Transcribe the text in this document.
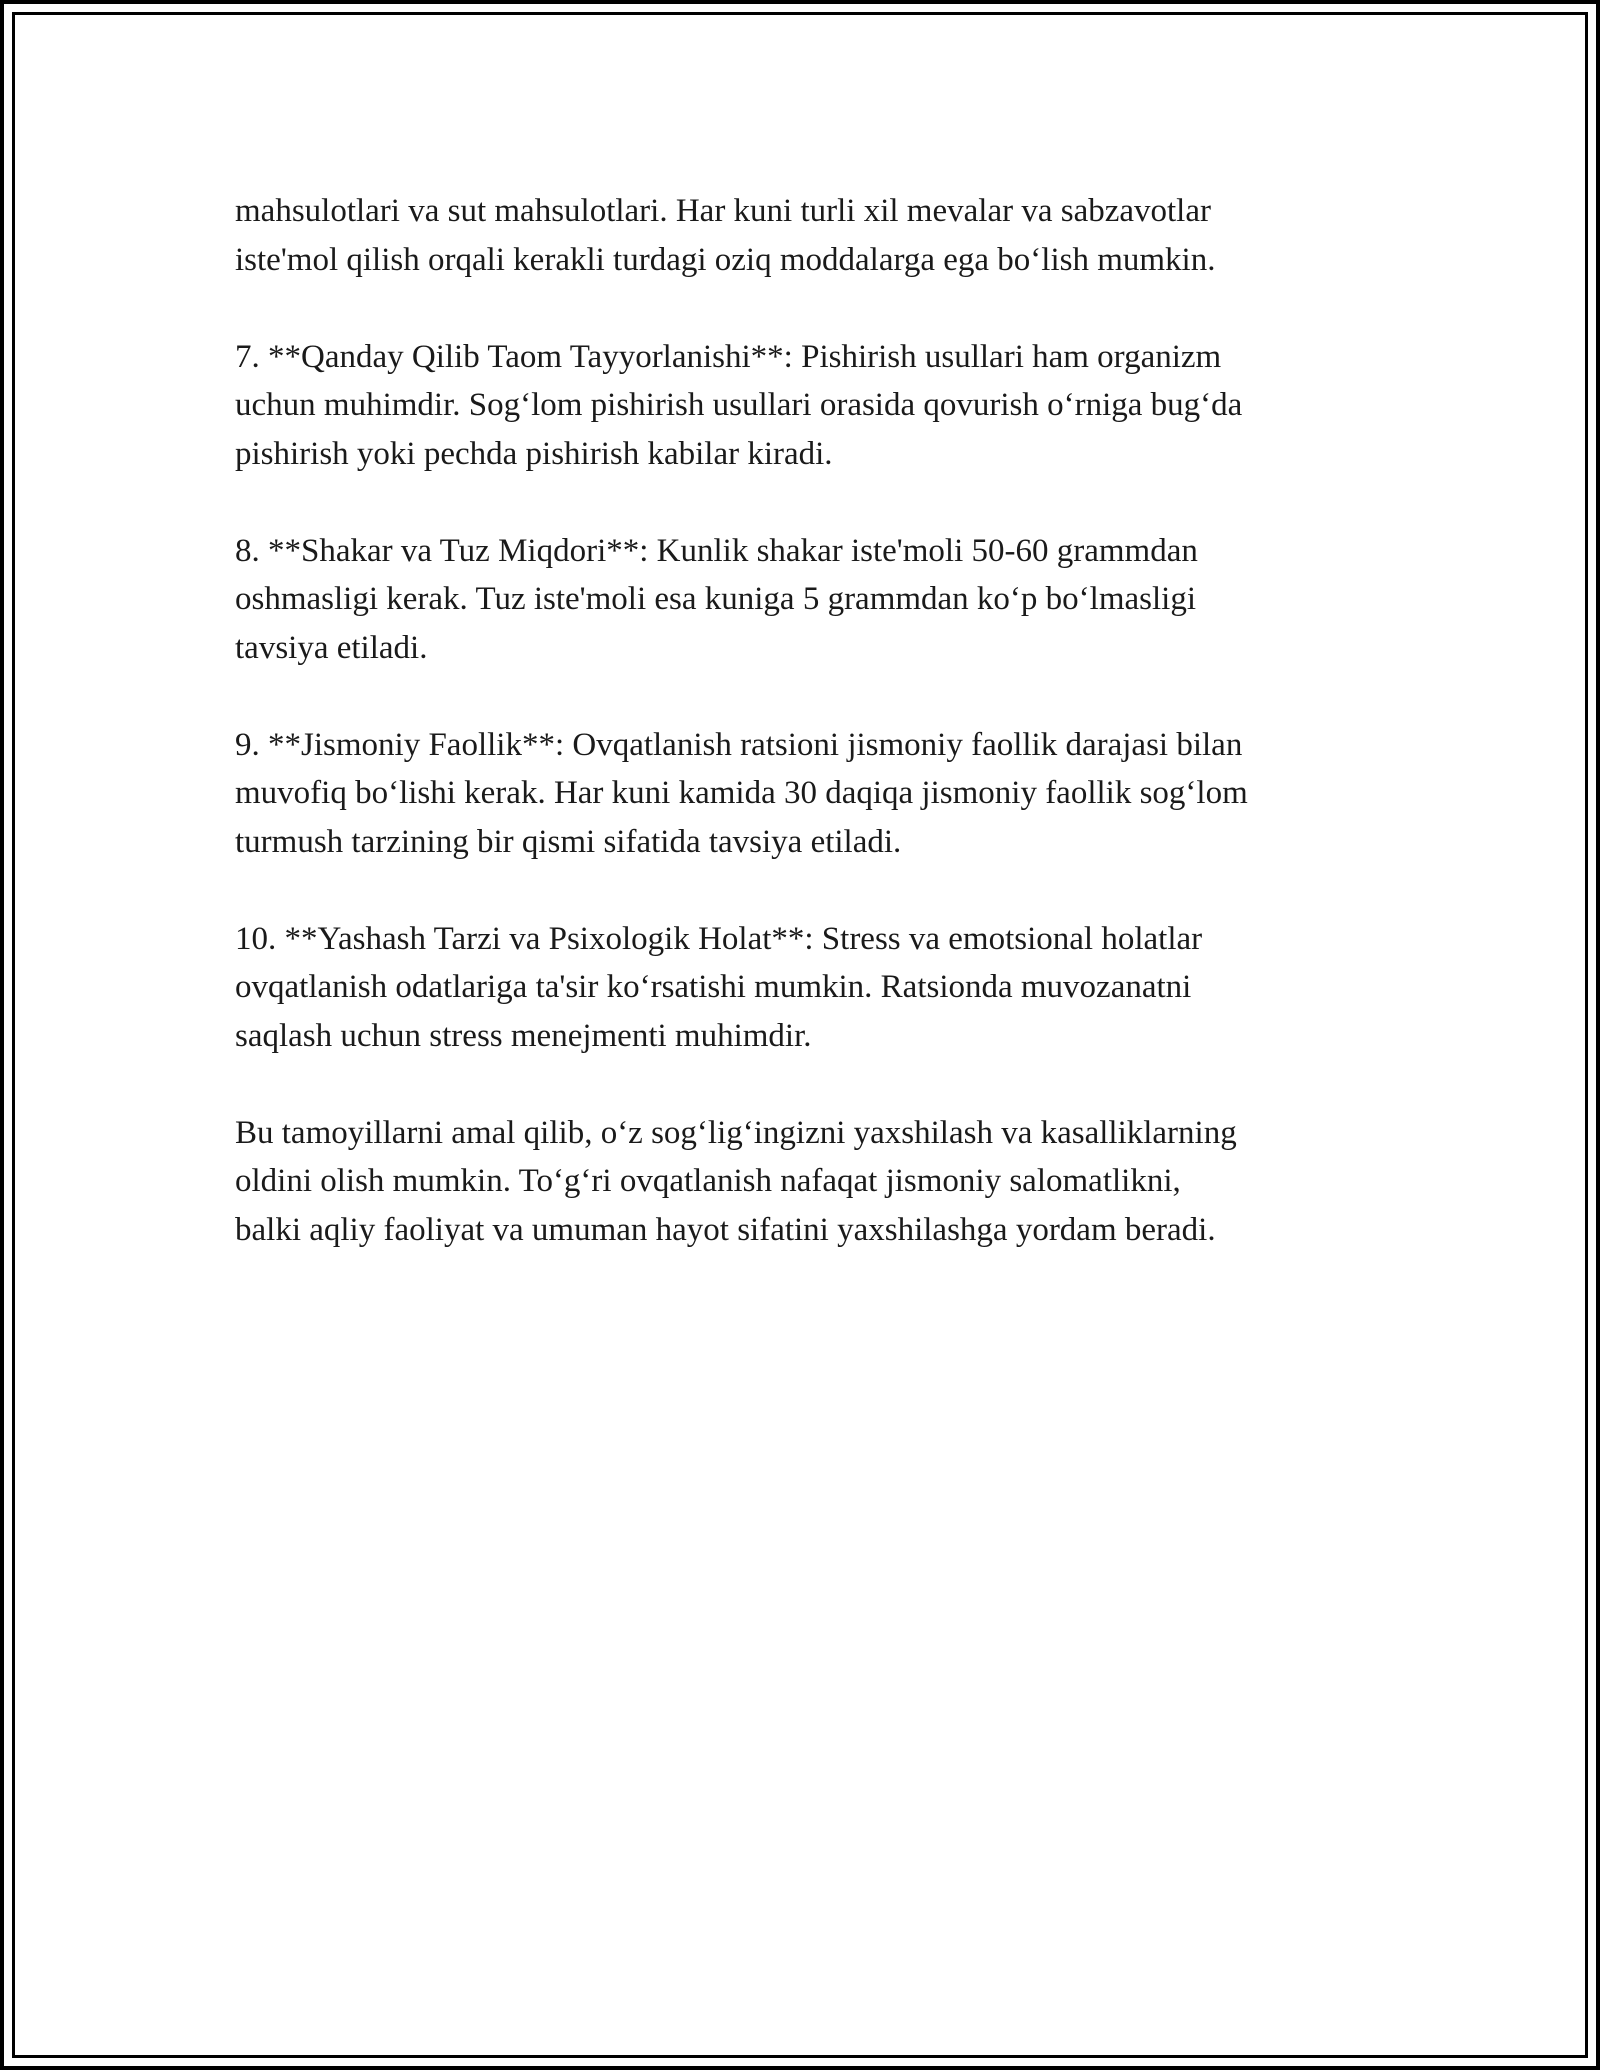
mahsulotlari va sut mahsulotlari. Har kuni turli xil mevalar va sabzavotlar
iste'mol qilish orqali kerakli turdagi oziq moddalarga ega bo‘lish mumkin.

7. **Qanday Qilib Taom Tayyorlanishi**: Pishirish usullari ham organizm
uchun muhimdir. Sog‘lom pishirish usullari orasida qovurish o‘rniga bug‘da
pishirish yoki pechda pishirish kabilar kiradi.

8. **Shakar va Tuz Miqdori**: Kunlik shakar iste'moli 50-60 grammdan
oshmasligi kerak. Tuz iste'moli esa kuniga 5 grammdan ko‘p bo‘lmasligi
tavsiya etiladi.

9. **Jismoniy Faollik**: Ovqatlanish ratsioni jismoniy faollik darajasi bilan
muvofiq bo‘lishi kerak. Har kuni kamida 30 daqiqa jismoniy faollik sog‘lom
turmush tarzining bir qismi sifatida tavsiya etiladi.

10. **Yashash Tarzi va Psixologik Holat**: Stress va emotsional holatlar
ovqatlanish odatlariga ta'sir ko‘rsatishi mumkin. Ratsionda muvozanatni
saqlash uchun stress menejmenti muhimdir.

Bu tamoyillarni amal qilib, o‘z sog‘lig‘ingizni yaxshilash va kasalliklarning
oldini olish mumkin. To‘g‘ri ovqatlanish nafaqat jismoniy salomatlikni,
balki aqliy faoliyat va umuman hayot sifatini yaxshilashga yordam beradi.
